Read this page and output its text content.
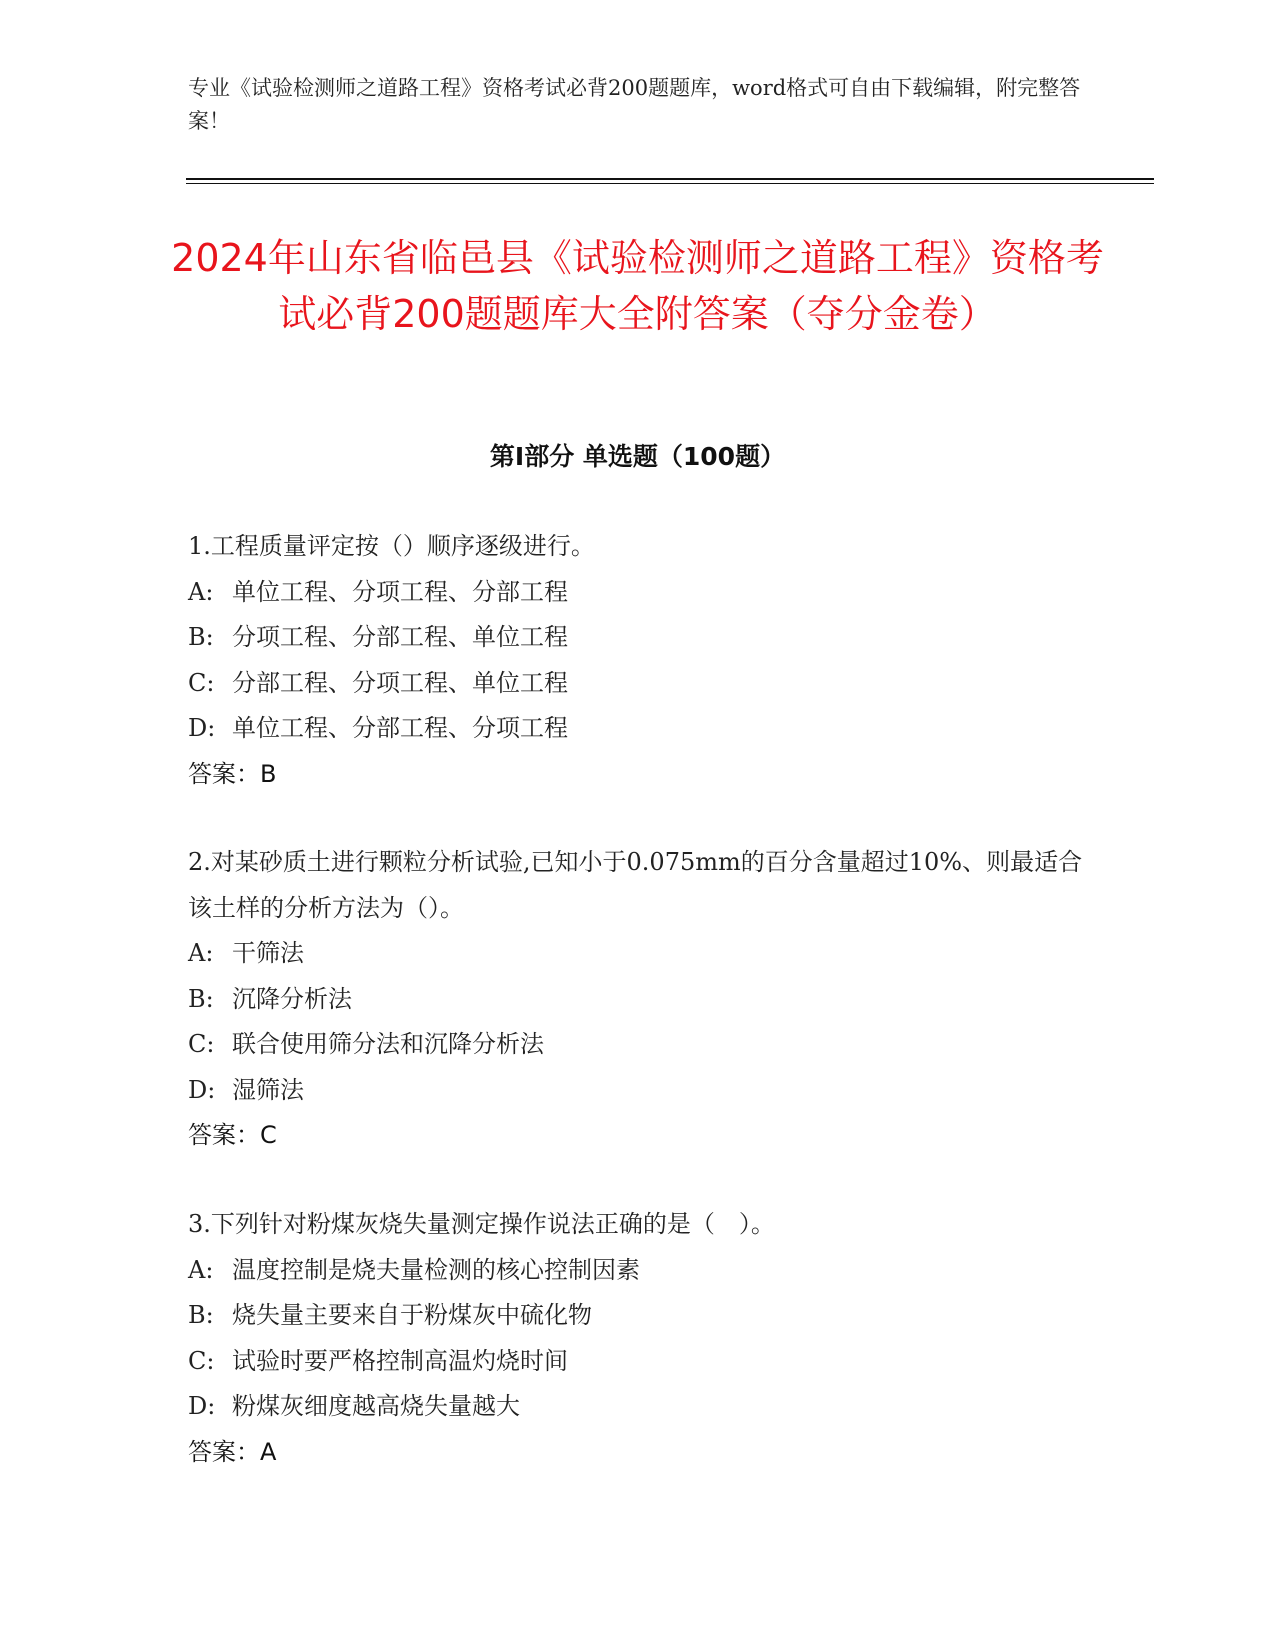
专业《试验检测师之道路工程》资格考试必背200题题库，word格式可自由下载编辑，附完整答案！
2024年山东省临邑县《试验检测师之道路工程》资格考试必背200题题库大全附答案（夺分金卷）
第Ⅰ部分 单选题（100题）
1.工程质量评定按（）顺序逐级进行。
A: 单位工程、分项工程、分部工程
B: 分项工程、分部工程、单位工程
C: 分部工程、分项工程、单位工程
D: 单位工程、分部工程、分项工程
答案：B
2.对某砂质土进行颗粒分析试验,已知小于0.075mm的百分含量超过10%、则最适合该土样的分析方法为（）。
A: 干筛法
B: 沉降分析法
C: 联合使用筛分法和沉降分析法
D: 湿筛法
答案：C
3.下列针对粉煤灰烧失量测定操作说法正确的是（　）。
A: 温度控制是烧夫量检测的核心控制因素
B: 烧失量主要来自于粉煤灰中硫化物
C: 试验时要严格控制高温灼烧时间
D: 粉煤灰细度越高烧失量越大
答案：A
